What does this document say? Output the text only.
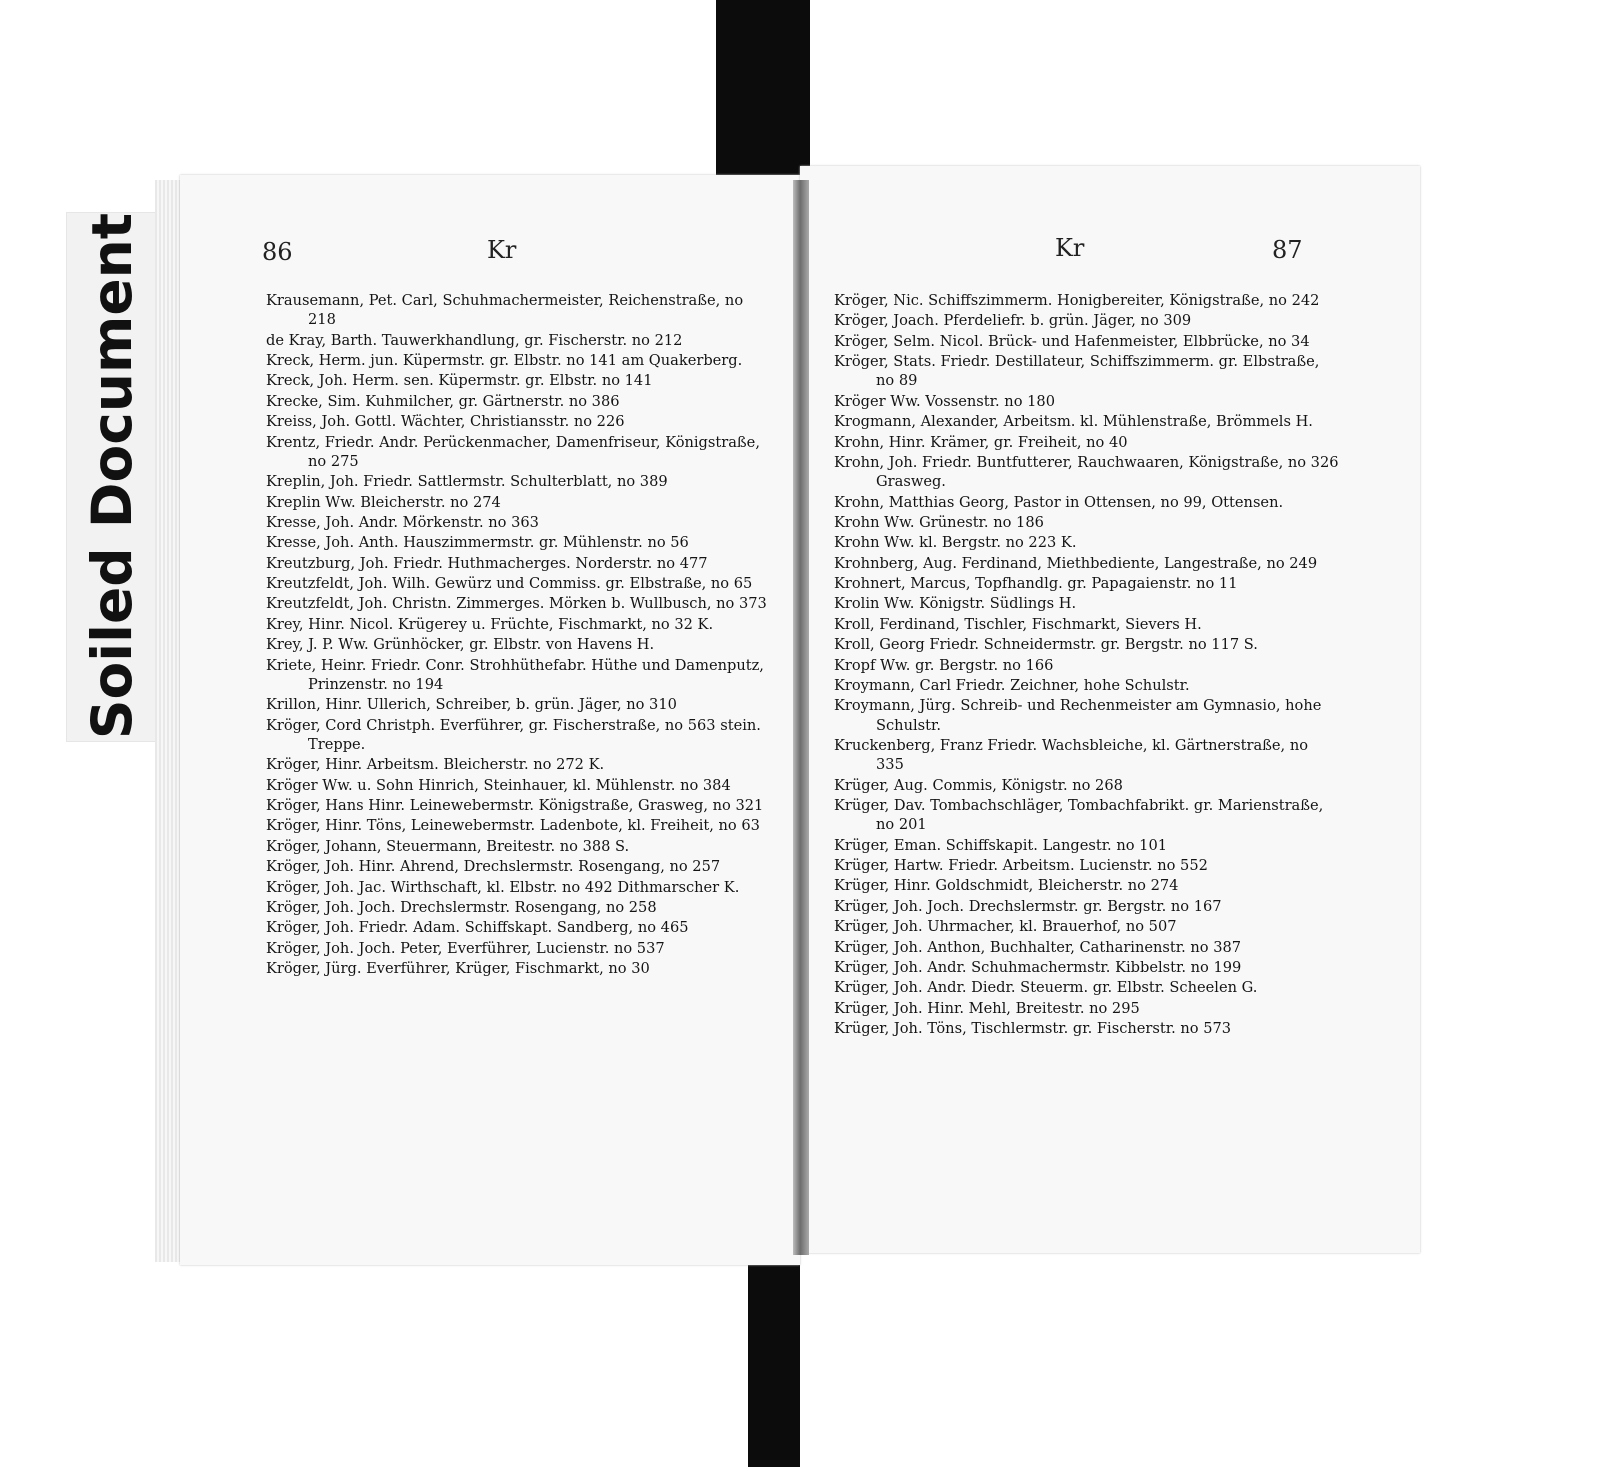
Soiled Document	86	Kr	87
Kr
Krausemann, Pet. Carl, Schuhmachermeister, Reichenstraße, no 218
de Kray, Barth. Tauwerkhandlung, gr. Fischerstr. no 212
Kreck, Herm. jun. Küpermstr. gr. Elbstr. no 141 am Quakerberg.
Kreck, Joh. Herm. sen. Küpermstr. gr. Elbstr. no 141
Krecke, Sim. Kuhmilcher, gr. Gärtnerstr. no 386
Kreiss, Joh. Gottl. Wächter, Christiansstr. no 226
Krentz, Friedr. Andr. Perückenmacher, Damenfriseur, Königstraße, no 275
Kreplin, Joh. Friedr. Sattlermstr. Schulterblatt, no 389
Kreplin Ww. Bleicherstr. no 274
Kresse, Joh. Andr. Mörkenstr. no 363
Kresse, Joh. Anth. Hauszimmermstr. gr. Mühlenstr. no 56
Kreutzburg, Joh. Friedr. Huthmacherges. Norderstr. no 477
Kreutzfeldt, Joh. Wilh. Gewürz und Commiss. gr. Elbstraße, no 65
Kreutzfeldt, Joh. Christn. Zimmerges. Mörken b. Wullbusch, no 373
Krey, Hinr. Nicol. Krügerey u. Früchte, Fischmarkt, no 32 K.
Krey, J. P. Ww. Grünhöcker, gr. Elbstr. von Havens H.
Kriete, Heinr. Friedr. Conr. Strohhüthefabr. Hüthe und Damenputz, Prinzenstr. no 194
Krillon, Hinr. Ullerich, Schreiber, b. grün. Jäger, no 310
Kröger, Cord Christph. Everführer, gr. Fischerstraße, no 563 stein. Treppe.
Kröger, Hinr. Arbeitsm. Bleicherstr. no 272 K.
Kröger Ww. u. Sohn Hinrich, Steinhauer, kl. Mühlenstr. no 384
Kröger, Hans Hinr. Leinewebermstr. Königstraße, Grasweg, no 321
Kröger, Hinr. Töns, Leinewebermstr. Ladenbote, kl. Freiheit, no 63
Kröger, Johann, Steuermann, Breitestr. no 388 S.
Kröger, Joh. Hinr. Ahrend, Drechslermstr. Rosengang, no 257
Kröger, Joh. Jac. Wirthschaft, kl. Elbstr. no 492 Dithmarscher K.
Kröger, Joh. Joch. Drechslermstr. Rosengang, no 258
Kröger, Joh. Friedr. Adam. Schiffskapt. Sandberg, no 465
Kröger, Joh. Joch. Peter, Everführer, Lucienstr. no 537
Kröger, Jürg. Everführer, Krüger, Fischmarkt, no 30
Kröger, Nic. Schiffszimmerm. Honigbereiter, Königstraße, no 242
Kröger, Joach. Pferdeliefr. b. grün. Jäger, no 309
Kröger, Selm. Nicol. Brück- und Hafenmeister, Elbbrücke, no 34
Kröger, Stats. Friedr. Destillateur, Schiffszimmerm. gr. Elbstraße, no 89
Kröger Ww. Vossenstr. no 180
Krogmann, Alexander, Arbeitsm. kl. Mühlenstraße, Brömmels H.
Krohn, Hinr. Krämer, gr. Freiheit, no 40
Krohn, Joh. Friedr. Buntfutterer, Rauchwaaren, Königstraße, no 326 Grasweg.
Krohn, Matthias Georg, Pastor in Ottensen, no 99, Ottensen.
Krohn Ww. Grünestr. no 186
Krohn Ww. kl. Bergstr. no 223 K.
Krohnberg, Aug. Ferdinand, Miethbediente, Langestraße, no 249
Krohnert, Marcus, Topfhandlg. gr. Papagaienstr. no 11
Krolin Ww. Königstr. Südlings H.
Kroll, Ferdinand, Tischler, Fischmarkt, Sievers H.
Kroll, Georg Friedr. Schneidermstr. gr. Bergstr. no 117 S.
Kropf Ww. gr. Bergstr. no 166
Kroymann, Carl Friedr. Zeichner, hohe Schulstr.
Kroymann, Jürg. Schreib- und Rechenmeister am Gymnasio, hohe Schulstr.
Kruckenberg, Franz Friedr. Wachsbleiche, kl. Gärtnerstraße, no 335
Krüger, Aug. Commis, Königstr. no 268
Krüger, Dav. Tombachschläger, Tombachfabrikt. gr. Marienstraße, no 201
Krüger, Eman. Schiffskapit. Langestr. no 101
Krüger, Hartw. Friedr. Arbeitsm. Lucienstr. no 552
Krüger, Hinr. Goldschmidt, Bleicherstr. no 274
Krüger, Joh. Joch. Drechslermstr. gr. Bergstr. no 167
Krüger, Joh. Uhrmacher, kl. Brauerhof, no 507
Krüger, Joh. Anthon, Buchhalter, Catharinenstr. no 387
Krüger, Joh. Andr. Schuhmachermstr. Kibbelstr. no 199
Krüger, Joh. Andr. Diedr. Steuerm. gr. Elbstr. Scheelen G.
Krüger, Joh. Hinr. Mehl, Breitestr. no 295
Krüger, Joh. Töns, Tischlermstr. gr. Fischerstr. no 573
